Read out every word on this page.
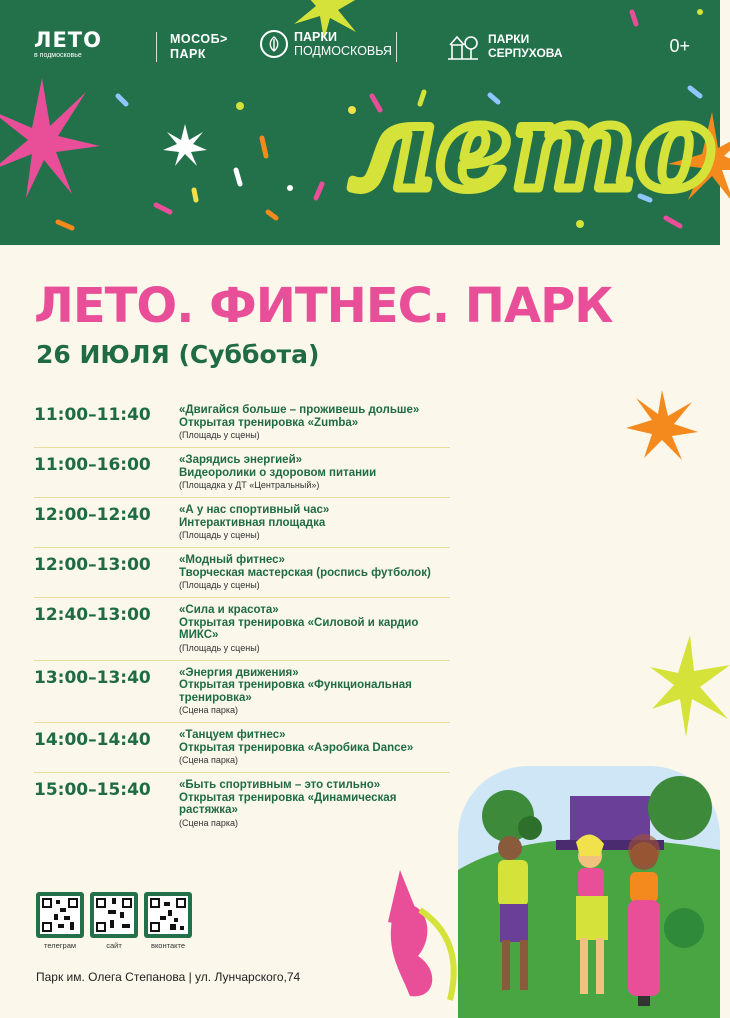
ЛЕТО
в подмосковье
МОСОБ>
ПАРК
ПАРКИ
ПОДМОСКОВЬЯ
ПАРКИ
СЕРПУХОВА	0+
лето
ЛЕТО. ФИТНЕС. ПАРК
26 ИЮЛЯ (Суббота)
11:00–11:40	«Двигайся больше – проживешь дольше»
Открытая тренировка «Zumba»
(Площадь у сцены)
11:00–16:00	«Зарядись энергией»
Видеоролики о здоровом питании
(Площадка у ДТ «Центральный»)
12:00–12:40	«А у нас спортивный час»
Интерактивная площадка
(Площадь у сцены)
12:00–13:00	«Модный фитнес»
Творческая мастерская (роспись футболок)
(Площадь у сцены)
12:40–13:00	«Сила и красота»
Открытая тренировка «Силовой и кардио МИКС»
(Площадь у сцены)
13:00–13:40	«Энергия движения»
Открытая тренировка «Функциональная тренировка»
(Сцена парка)
14:00–14:40	«Танцуем фитнес»
Открытая тренировка «Аэробика Dance»
(Сцена парка)
15:00–15:40	«Быть спортивным – это стильно»
Открытая тренировка «Динамическая растяжка»
(Сцена парка)
телеграм	сайт	вконтакте
Парк им. Олега Степанова | ул. Лунчарского,74
